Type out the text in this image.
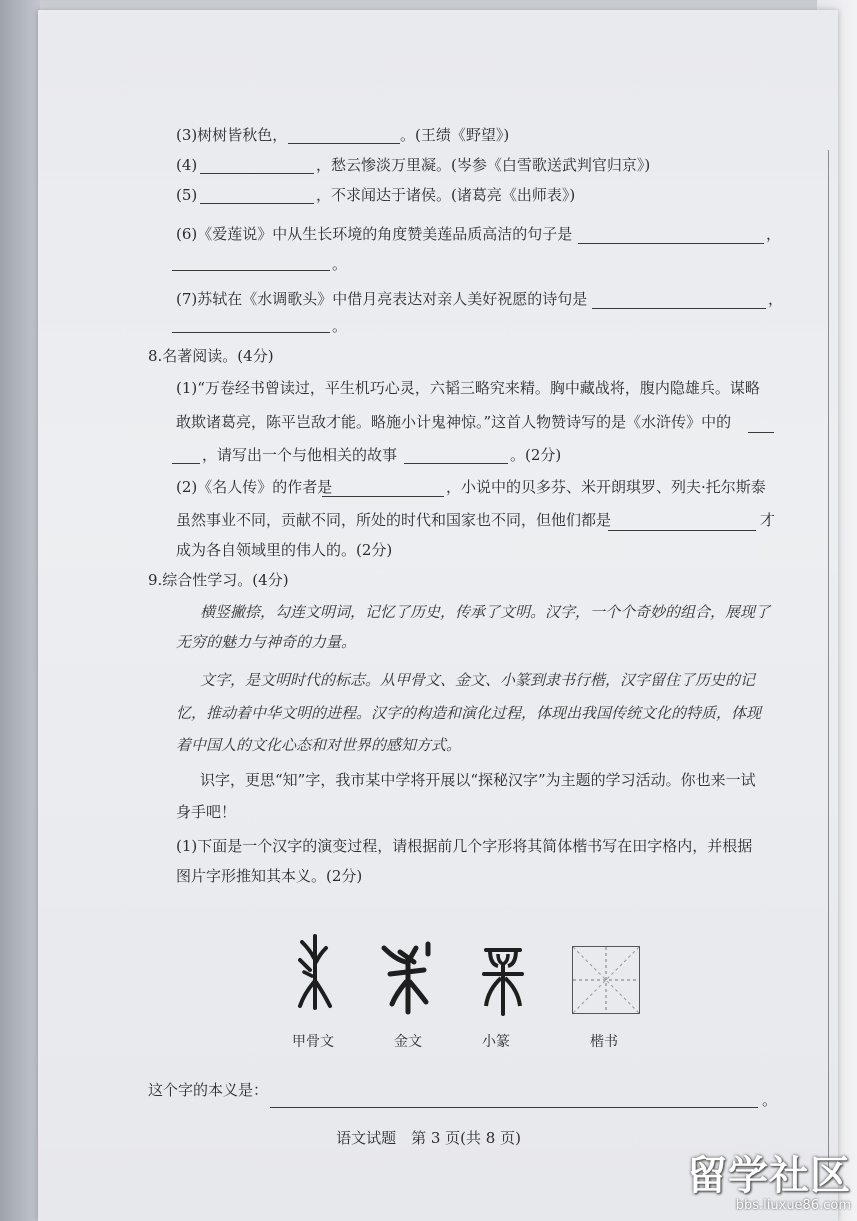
(3)树树皆秋色，	。(王绩《野望》)
(4)	，愁云惨淡万里凝。(岑参《白雪歌送武判官归京》)
(5)	，不求闻达于诸侯。(诸葛亮《出师表》)
(6)《爱莲说》中从生长环境的角度赞美莲品质高洁的句子是	，
。
(7)苏轼在《水调歌头》中借月亮表达对亲人美好祝愿的诗句是	，
。
8.名著阅读。(4分)
(1)“万卷经书曾读过，平生机巧心灵，六韬三略究来精。胸中藏战将，腹内隐雄兵。谋略
敢欺诸葛亮，陈平岂敌才能。略施小计鬼神惊。”这首人物赞诗写的是《水浒传》中的
，请写出一个与他相关的故事	。(2分)
(2)《名人传》的作者是	，小说中的贝多芬、米开朗琪罗、列夫·托尔斯泰
虽然事业不同，贡献不同，所处的时代和国家也不同，但他们都是	才
成为各自领域里的伟人的。(2分)
9.综合性学习。(4分)
横竖撇捺，勾连文明词，记忆了历史，传承了文明。汉字，一个个奇妙的组合，展现了
无穷的魅力与神奇的力量。
文字，是文明时代的标志。从甲骨文、金文、小篆到隶书行楷，汉字留住了历史的记
忆，推动着中华文明的进程。汉字的构造和演化过程，体现出我国传统文化的特质，体现
着中国人的文化心态和对世界的感知方式。
识字，更思“知”字，我市某中学将开展以“探秘汉字”为主题的学习活动。你也来一试
身手吧！
(1)下面是一个汉字的演变过程，请根据前几个字形将其简体楷书写在田字格内，并根据
图片字形推知其本义。(2分)
甲骨文	金文	小篆	楷书
这个字的本义是：
。
语文试题　第 3 页(共 8 页)
留学社区
bbs.liuxue86.com
